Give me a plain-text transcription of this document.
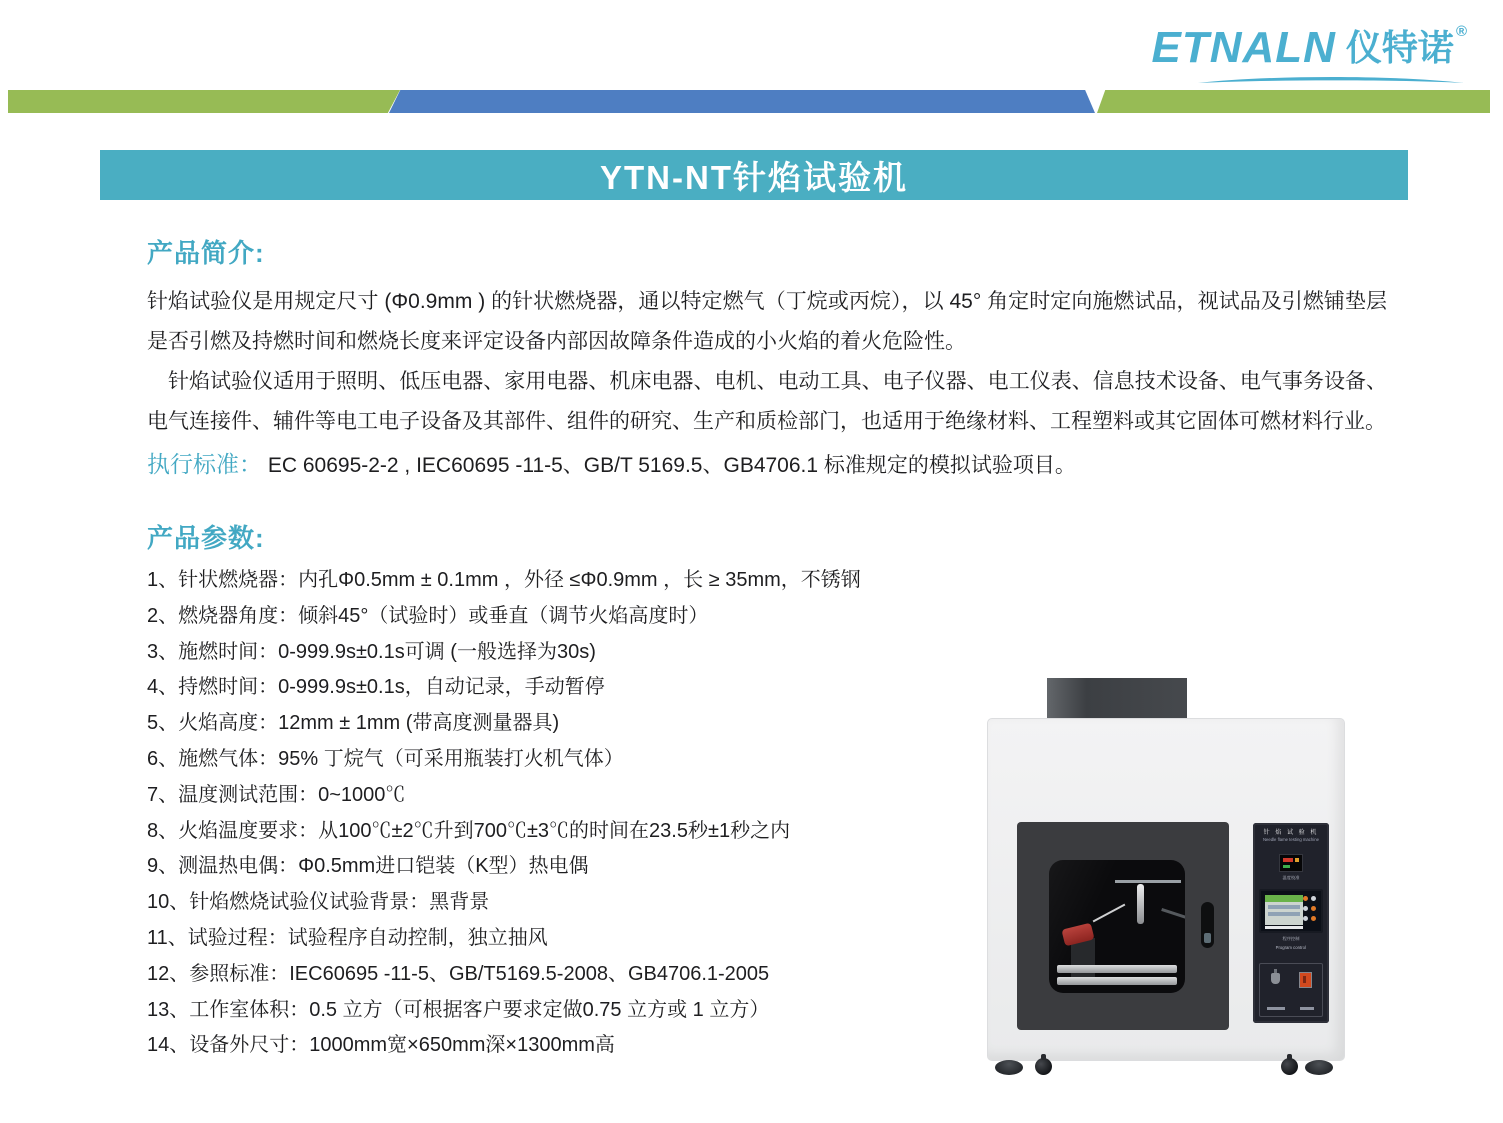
ETNALN 仪特诺 ®
YTN-NT针焰试验机
产品简介:

针焰试验仪是用规定尺寸 (Φ0.9mm ) 的针状燃烧器，通以特定燃气（丁烷或丙烷），以 45° 角定时定向施燃试品，视试品及引燃铺垫层是否引燃及持燃时间和燃烧长度来评定设备内部因故障条件造成的小火焰的着火危险性。

　针焰试验仪适用于照明、低压电器、家用电器、机床电器、电机、电动工具、电子仪器、电工仪表、信息技术设备、电气事务设备、电气连接件、辅件等电工电子设备及其部件、组件的研究、生产和质检部门，也适用于绝缘材料、工程塑料或其它固体可燃材料行业。

执行标准： EC 60695-2-2 , IEC60695 -11-5、GB/T 5169.5、GB4706.1 标准规定的模拟试验项目。

产品参数:
1、针状燃烧器：内孔Φ0.5mm ± 0.1mm ，外径 ≤Φ0.9mm ，长 ≥ 35mm，不锈钢
2、燃烧器角度：倾斜45°（试验时）或垂直（调节火焰高度时）
3、施燃时间：0-999.9s±0.1s可调 (一般选择为30s)
4、持燃时间：0-999.9s±0.1s，自动记录，手动暂停
5、火焰高度：12mm ± 1mm (带高度测量器具)
6、施燃气体：95% 丁烷气（可采用瓶装打火机气体）
7、温度测试范围：0~1000℃
8、火焰温度要求：从100℃±2℃升到700℃±3℃的时间在23.5秒±1秒之内
9、测温热电偶：Φ0.5mm进口铠装（K型）热电偶
10、针焰燃烧试验仪试验背景：黑背景
11、试验过程：试验程序自动控制，独立抽风
12、参照标准：IEC60695 -11-5、GB/T5169.5-2008、GB4706.1-2005
13、工作室体积：0.5 立方（可根据客户要求定做0.75 立方或 1 立方）
14、设备外尺寸：1000mm宽×650mm深×1300mm高
针 焰 试 验 机
Needle flame testing machine
温度校准
程序控制
Program control
